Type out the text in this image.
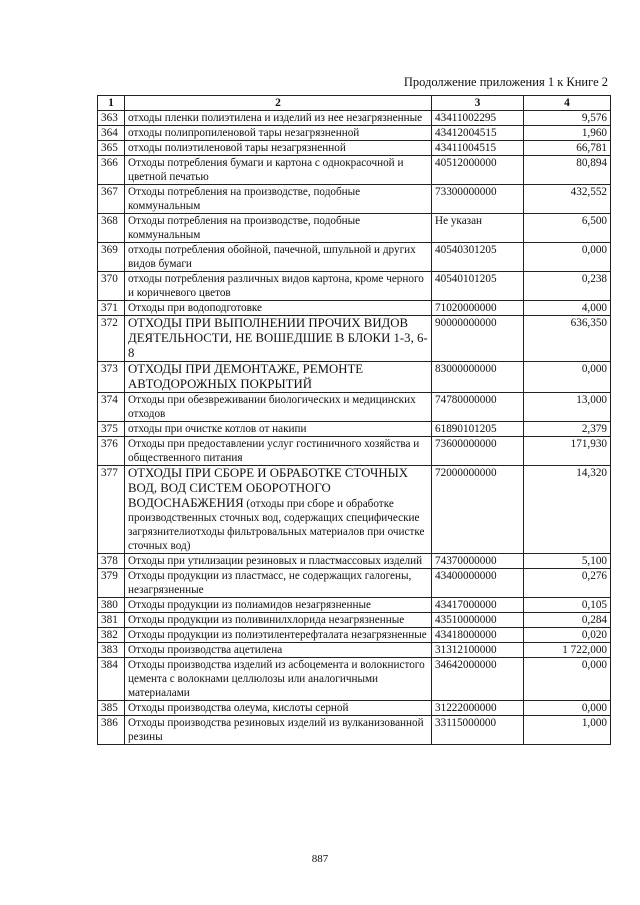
Продолжение приложения 1 к Книге 2
1	2	3	4
363	отходы пленки полиэтилена и изделий из нее незагрязненные	43411002295	9,576
364	отходы полипропиленовой тары незагрязненной	43412004515	1,960
365	отходы полиэтиленовой тары незагрязненной	43411004515	66,781
366	Отходы потребления бумаги и картона с однокрасочной и цветной печатью	40512000000	80,894
367	Отходы потребления на производстве, подобные коммунальным	73300000000	432,552
368	Отходы потребления на производстве, подобные коммунальным	Не указан	6,500
369	отходы потребления обойной, пачечной, шпульной и других видов бумаги	40540301205	0,000
370	отходы потребления различных видов картона, кроме черного и коричневого цветов	40540101205	0,238
371	Отходы при водоподготовке	71020000000	4,000
372	ОТХОДЫ ПРИ ВЫПОЛНЕНИИ ПРОЧИХ ВИДОВ ДЕЯТЕЛЬНОСТИ, НЕ ВОШЕДШИЕ В БЛОКИ 1-3, 6-8	90000000000	636,350
373	ОТХОДЫ ПРИ ДЕМОНТАЖЕ, РЕМОНТЕ АВТОДОРОЖНЫХ ПОКРЫТИЙ	83000000000	0,000
374	Отходы при обезвреживании биологических и медицинских отходов	74780000000	13,000
375	отходы при очистке котлов от накипи	61890101205	2,379
376	Отходы при предоставлении услуг гостиничного хозяйства и общественного питания	73600000000	171,930
377	ОТХОДЫ ПРИ СБОРЕ И ОБРАБОТКЕ СТОЧНЫХ ВОД, ВОД СИСТЕМ ОБОРОТНОГО ВОДОСНАБЖЕНИЯ (отходы при сборе и обработке производственных сточных вод, содержащих специфические загрязнителиотходы фильтровальных материалов при очистке сточных вод)	72000000000	14,320
378	Отходы при утилизации резиновых и пластмассовых изделий	74370000000	5,100
379	Отходы продукции из пластмасс, не содержащих галогены, незагрязненные	43400000000	0,276
380	Отходы продукции из полиамидов незагрязненные	43417000000	0,105
381	Отходы продукции из поливинилхлорида незагрязненные	43510000000	0,284
382	Отходы продукции из полиэтилентерефталата незагрязненные	43418000000	0,020
383	Отходы производства ацетилена	31312100000	1 722,000
384	Отходы производства изделий из асбоцемента и волокнистого цемента с волокнами целлюлозы или аналогичными материалами	34642000000	0,000
385	Отходы производства олеума, кислоты серной	31222000000	0,000
386	Отходы производства резиновых изделий из вулканизованной резины	33115000000	1,000
887
